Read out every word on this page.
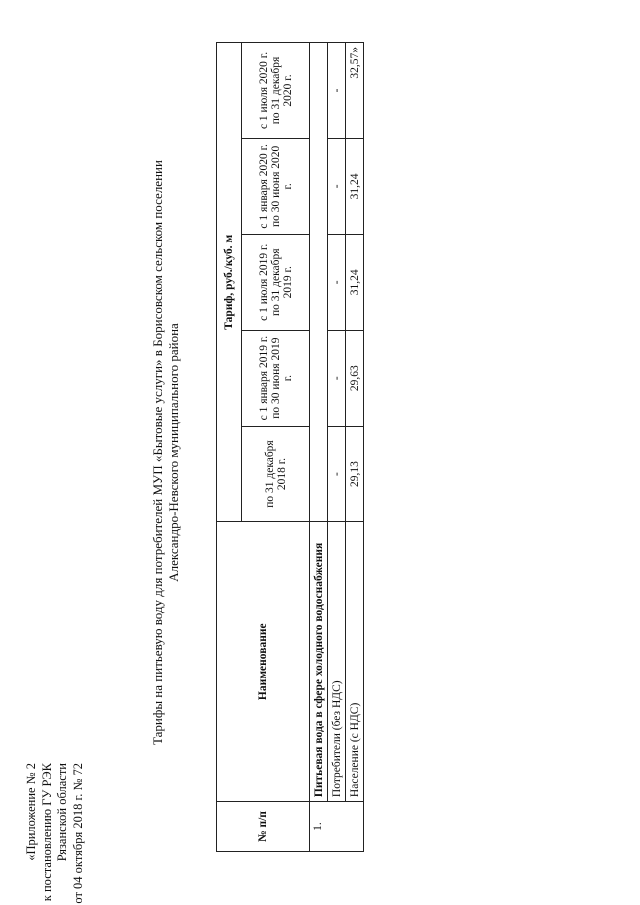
«Приложение № 2 к постановлению ГУ РЭК Рязанской области от 04 октября 2018 г. № 72
Тарифы на питьевую воду для потребителей МУП «Бытовые услуги» в Борисовском сельском поселении Александро-Невского муниципального района
№ п/п	Наименование	Тариф, руб./куб. м				
		по 31 декабря 2018 г.	с 1 января 2019 г. по 30 июня 2019 г.	с 1 июля 2019 г. по 31 декабря 2019 г.	с 1 января 2020 г. по 30 июня 2020 г.	с 1 июля 2020 г. по 31 декабря 2020 г.
1.	Питьевая вода в сфере холодного водоснабжения					
	Потребители (без НДС)	-	-	-	-	-
	Население (с НДС)	29,13	29,63	31,24	31,24	32,57»
